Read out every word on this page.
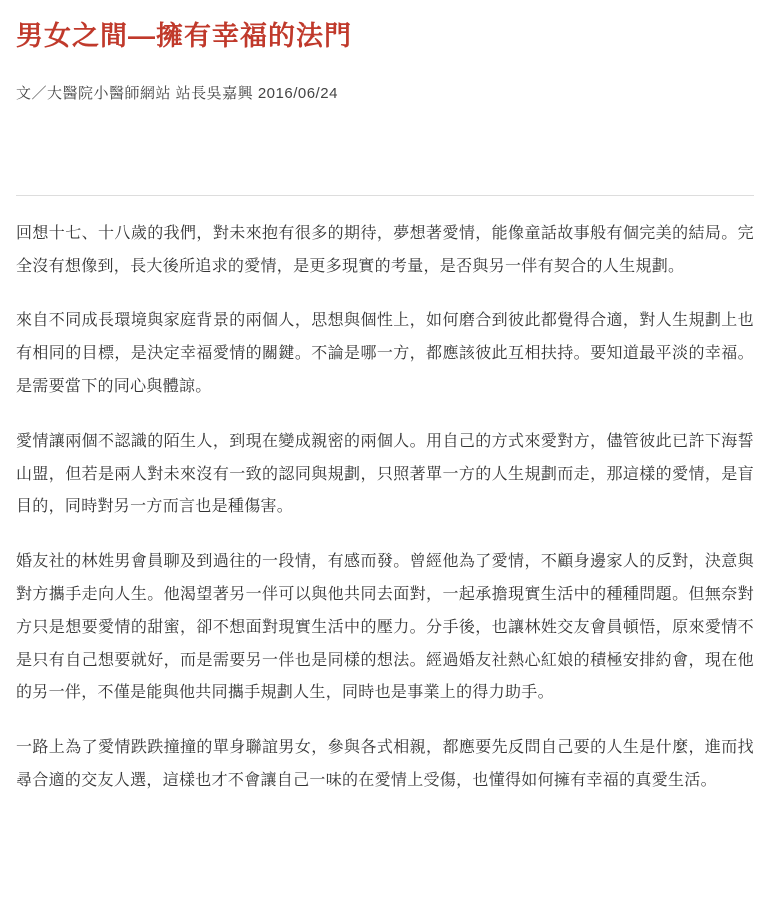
男女之間—擁有幸福的法門
文／大醫院小醫師網站 站長吳嘉興 2016/06/24

回想十七、十八歲的我們，對未來抱有很多的期待，夢想著愛情，能像童話故事般有個完美的結局。完全沒有想像到，長大後所追求的愛情，是更多現實的考量，是否與另一伴有契合的人生規劃。

來自不同成長環境與家庭背景的兩個人，思想與個性上，如何磨合到彼此都覺得合適，對人生規劃上也有相同的目標，是決定幸福愛情的關鍵。不論是哪一方，都應該彼此互相扶持。要知道最平淡的幸福。是需要當下的同心與體諒。

愛情讓兩個不認識的陌生人，到現在變成親密的兩個人。用自己的方式來愛對方，儘管彼此已許下海誓山盟，但若是兩人對未來沒有一致的認同與規劃，只照著單一方的人生規劃而走，那這樣的愛情，是盲目的，同時對另一方而言也是種傷害。

婚友社的林姓男會員聊及到過往的一段情，有感而發。曾經他為了愛情，不顧身邊家人的反對，決意與對方攜手走向人生。他渴望著另一伴可以與他共同去面對，一起承擔現實生活中的種種問題。但無奈對方只是想要愛情的甜蜜，卻不想面對現實生活中的壓力。分手後，也讓林姓交友會員頓悟，原來愛情不是只有自己想要就好，而是需要另一伴也是同樣的想法。經過婚友社熱心紅娘的積極安排約會，現在他的另一伴，不僅是能與他共同攜手規劃人生，同時也是事業上的得力助手。

一路上為了愛情跌跌撞撞的單身聯誼男女，參與各式相親，都應要先反問自己要的人生是什麼，進而找尋合適的交友人選，這樣也才不會讓自己一味的在愛情上受傷，也懂得如何擁有幸福的真愛生活。
